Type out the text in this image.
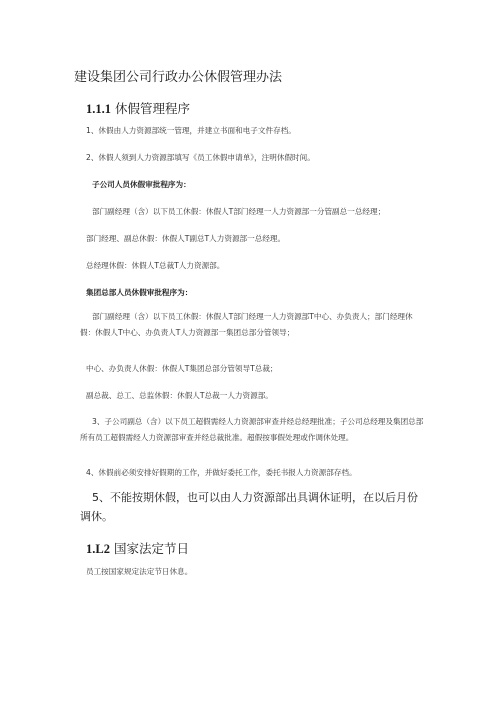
建设集团公司行政办公休假管理办法
1.1.1 休假管理程序
1、休假由人力资源部统一管理，并建立书面和电子文件存档。
2、休假人须到人力资源部填写《员工休假申请单》，注明休假时间。
子公司人员休假审批程序为：
部门副经理（含）以下员工休假：休假人T部门经理一人力资源部一分管副总一总经理；
部门经理、副总休假：休假人T副总T人力资源部一总经理。
总经理休假：休假人T总裁T人力资源部。
集团总部人员休假审批程序为：
部门副经理（含）以下员工休假：休假人T部门经理一人力资源部T中心、办负责人；部门经理休假：休假人T中心、办负责人T人力资源部一集团总部分管领导；
中心、办负责人休假：休假人T集团总部分管领导T总裁；
副总裁、总工、总监休假：休假人T总裁一人力资源部。
3、子公司副总（含）以下员工超假需经人力资源部审查并经总经理批准；子公司总经理及集团总部所有员工超假需经人力资源部审查并经总裁批准。超假按事假处理或作调休处理。
4、休假前必须安排好假期的工作，并做好委托工作，委托书报人力资源部存档。
5、不能按期休假，也可以由人力资源部出具调休证明，在以后月份调休。
1.L2 国家法定节日
员工按国家规定法定节日休息。
